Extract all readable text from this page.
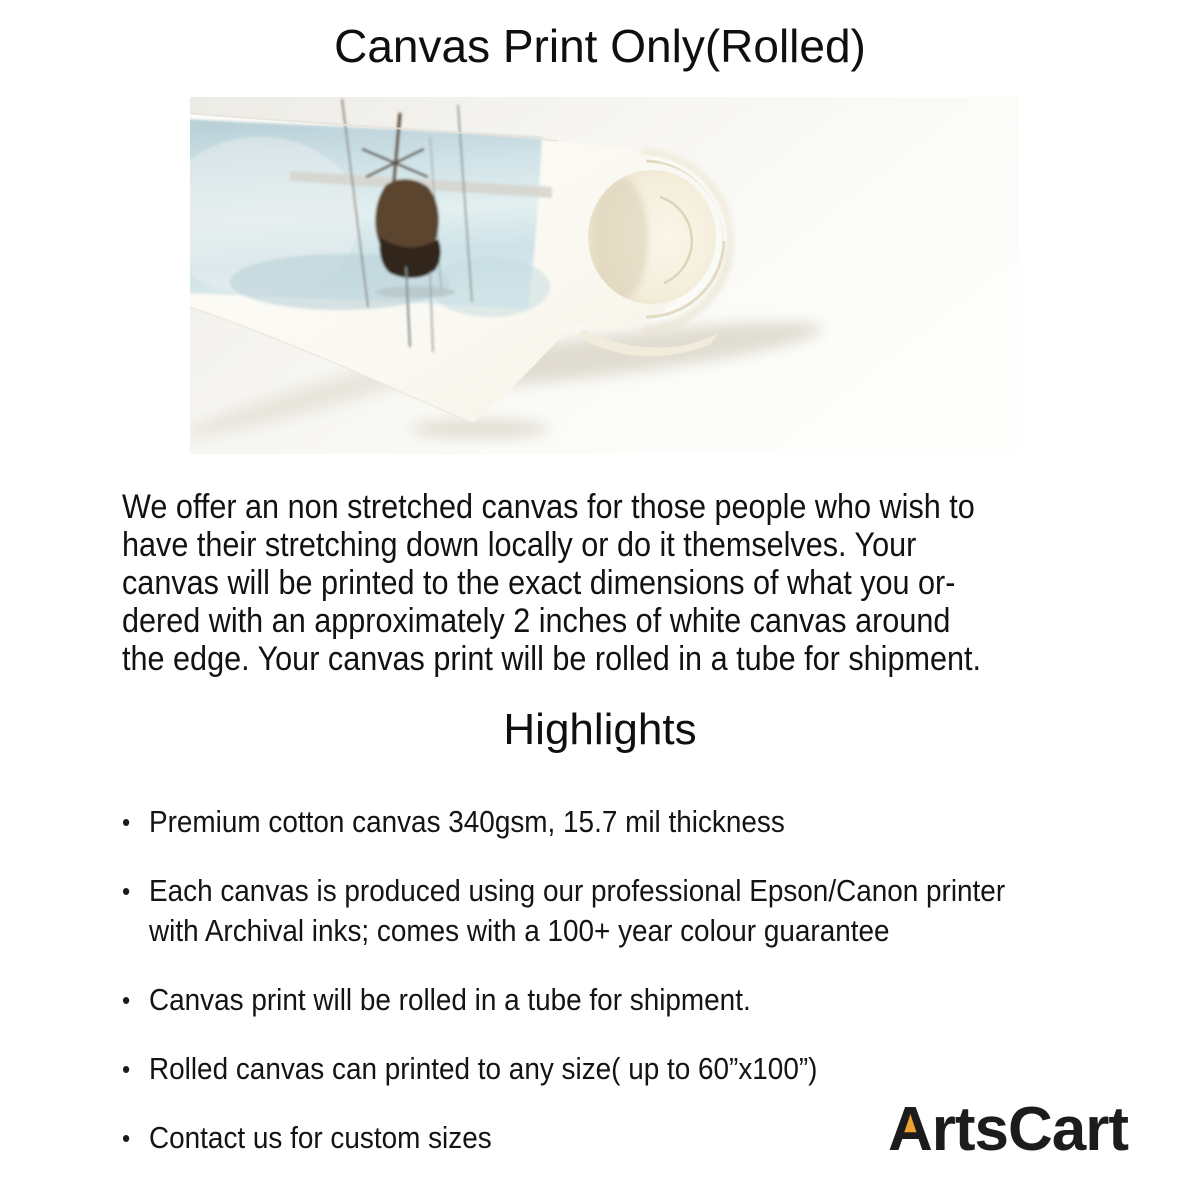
Canvas Print Only(Rolled)
We offer an non stretched canvas for those people who wish to
have their stretching down locally or do it themselves. Your
canvas will be printed to the exact dimensions of what you or-
dered with an approximately 2 inches of white canvas around
the edge. Your canvas print will be rolled in a tube for shipment.
Highlights
• Premium cotton canvas 340gsm, 15.7 mil thickness
• Each canvas is produced using our professional Epson/Canon printer
with Archival inks; comes with a 100+ year colour guarantee
• Canvas print will be rolled in a tube for shipment.
• Rolled canvas can printed to any size( up to 60”x100”)
• Contact us for custom sizes	ArtsCart
